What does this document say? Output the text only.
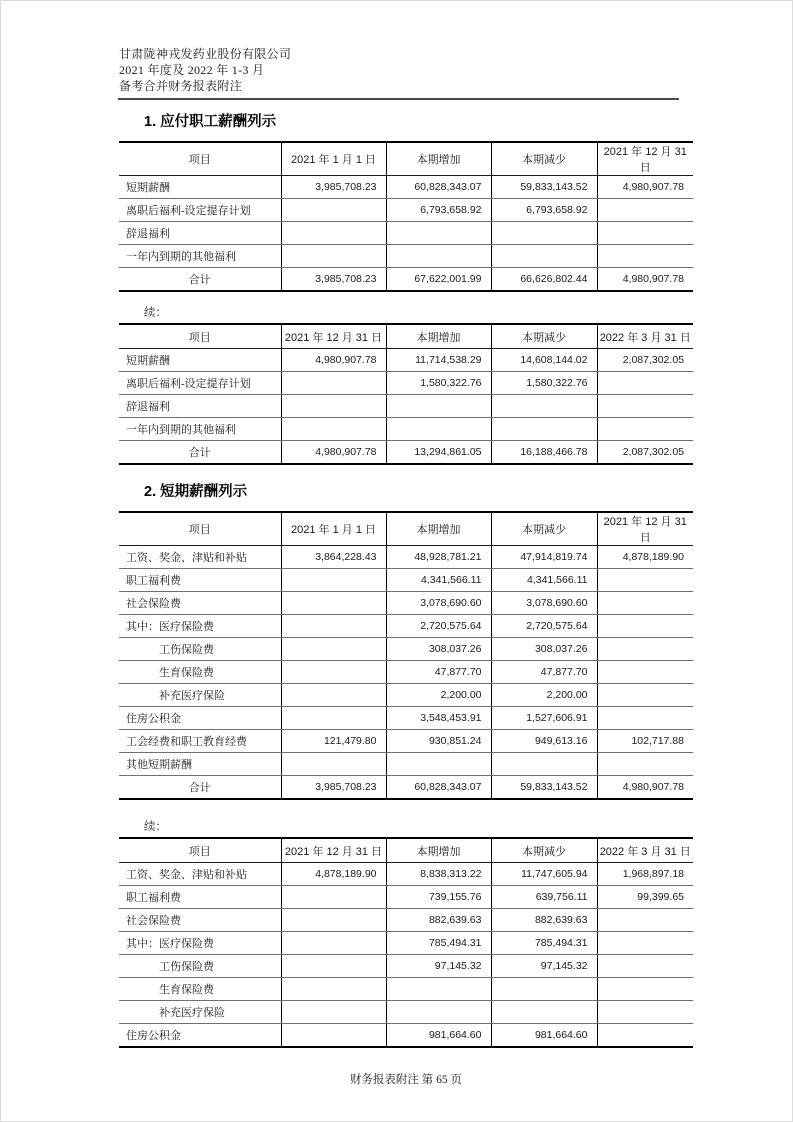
甘肃陇神戎发药业股份有限公司
2021 年度及 2022 年 1-3 月
备考合并财务报表附注
1. 应付职工薪酬列示
项目	2021 年 1 月 1 日	本期增加	本期减少	2021 年 12 月 31 日
短期薪酬	3,985,708.23	60,828,343.07	59,833,143.52	4,980,907.78
离职后福利-设定提存计划		6,793,658.92	6,793,658.92	
辞退福利				
一年内到期的其他福利				
合计	3,985,708.23	67,622,001.99	66,626,802.44	4,980,907.78
续：
项目	2021 年 12 月 31 日	本期增加	本期减少	2022 年 3 月 31 日
短期薪酬	4,980,907.78	11,714,538.29	14,608,144.02	2,087,302.05
离职后福利-设定提存计划		1,580,322.76	1,580,322.76	
辞退福利				
一年内到期的其他福利				
合计	4,980,907.78	13,294,861.05	16,188,466.78	2,087,302.05
2. 短期薪酬列示
项目	2021 年 1 月 1 日	本期增加	本期减少	2021 年 12 月 31 日
工资、奖金、津贴和补贴	3,864,228.43	48,928,781.21	47,914,819.74	4,878,189.90
职工福利费		4,341,566.11	4,341,566.11	
社会保险费		3,078,690.60	3,078,690.60	
其中：医疗保险费		2,720,575.64	2,720,575.64	
工伤保险费		308,037.26	308,037.26	
生育保险费		47,877.70	47,877.70	
补充医疗保险		2,200.00	2,200.00	
住房公积金		3,548,453.91	1,527,606.91	
工会经费和职工教育经费	121,479.80	930,851.24	949,613.16	102,717.88
其他短期薪酬				
合计	3,985,708.23	60,828,343.07	59,833,143.52	4,980,907.78
续：
项目	2021 年 12 月 31 日	本期增加	本期减少	2022 年 3 月 31 日
工资、奖金、津贴和补贴	4,878,189.90	8,838,313.22	11,747,605.94	1,968,897.18
职工福利费		739,155.76	639,756.11	99,399.65
社会保险费		882,639.63	882,639.63	
其中：医疗保险费		785,494.31	785,494.31	
工伤保险费		97,145.32	97,145.32	
生育保险费				
补充医疗保险				
住房公积金		981,664.60	981,664.60	
财务报表附注 第 65 页
